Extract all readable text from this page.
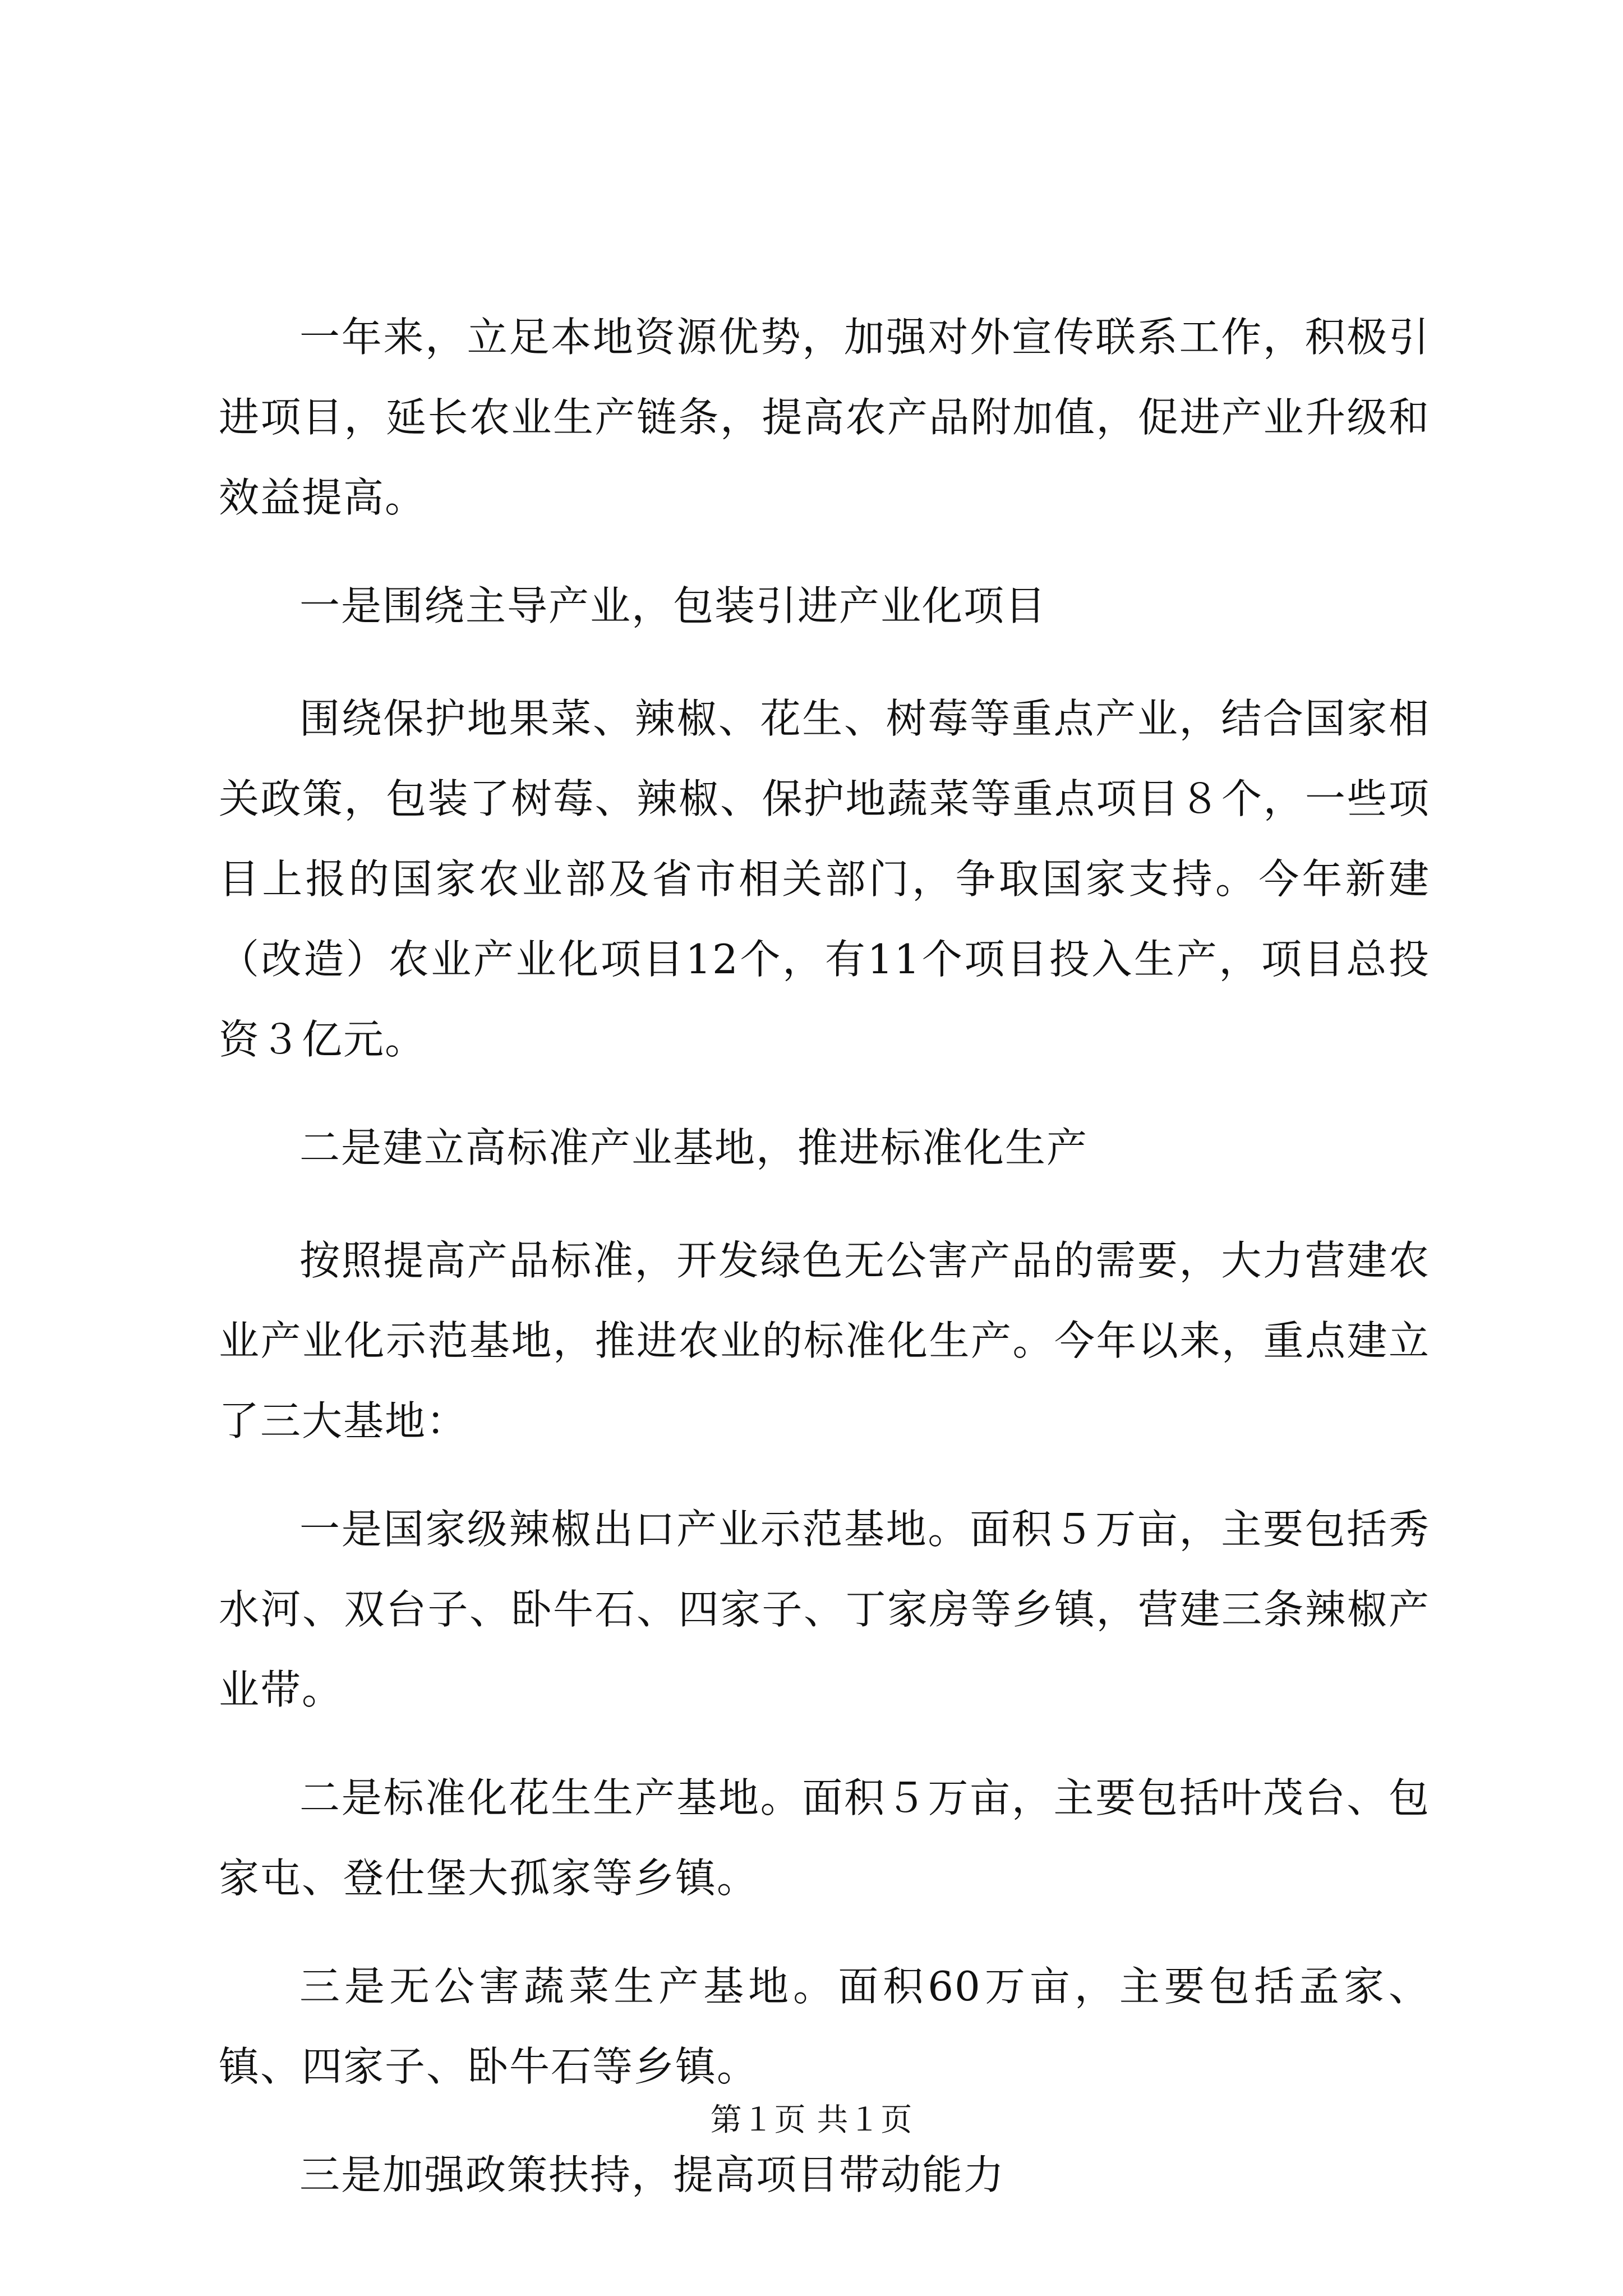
一年来，立足本地资源优势，加强对外宣传联系工作，积极引进项目，延长农业生产链条，提高农产品附加值，促进产业升级和效益提高。

一是围绕主导产业，包装引进产业化项目

围绕保护地果菜、辣椒、花生、树莓等重点产业，结合国家相关政策，包装了树莓、辣椒、保护地蔬菜等重点项目８个，一些项目上报的国家农业部及省市相关部门，争取国家支持。今年新建（改造）农业产业化项目12个，有11个项目投入生产，项目总投资３亿元。

二是建立高标准产业基地，推进标准化生产

按照提高产品标准，开发绿色无公害产品的需要，大力营建农业产业化示范基地，推进农业的标准化生产。今年以来，重点建立了三大基地：

一是国家级辣椒出口产业示范基地。面积５万亩，主要包括秀水河、双台子、卧牛石、四家子、丁家房等乡镇，营建三条辣椒产业带。

二是标准化花生生产基地。面积５万亩，主要包括叶茂台、包家屯、登仕堡大孤家等乡镇。

三是无公害蔬菜生产基地。面积60万亩，主要包括孟家、镇、四家子、卧牛石等乡镇。

三是加强政策扶持，提高项目带动能力

第１页 共１页
